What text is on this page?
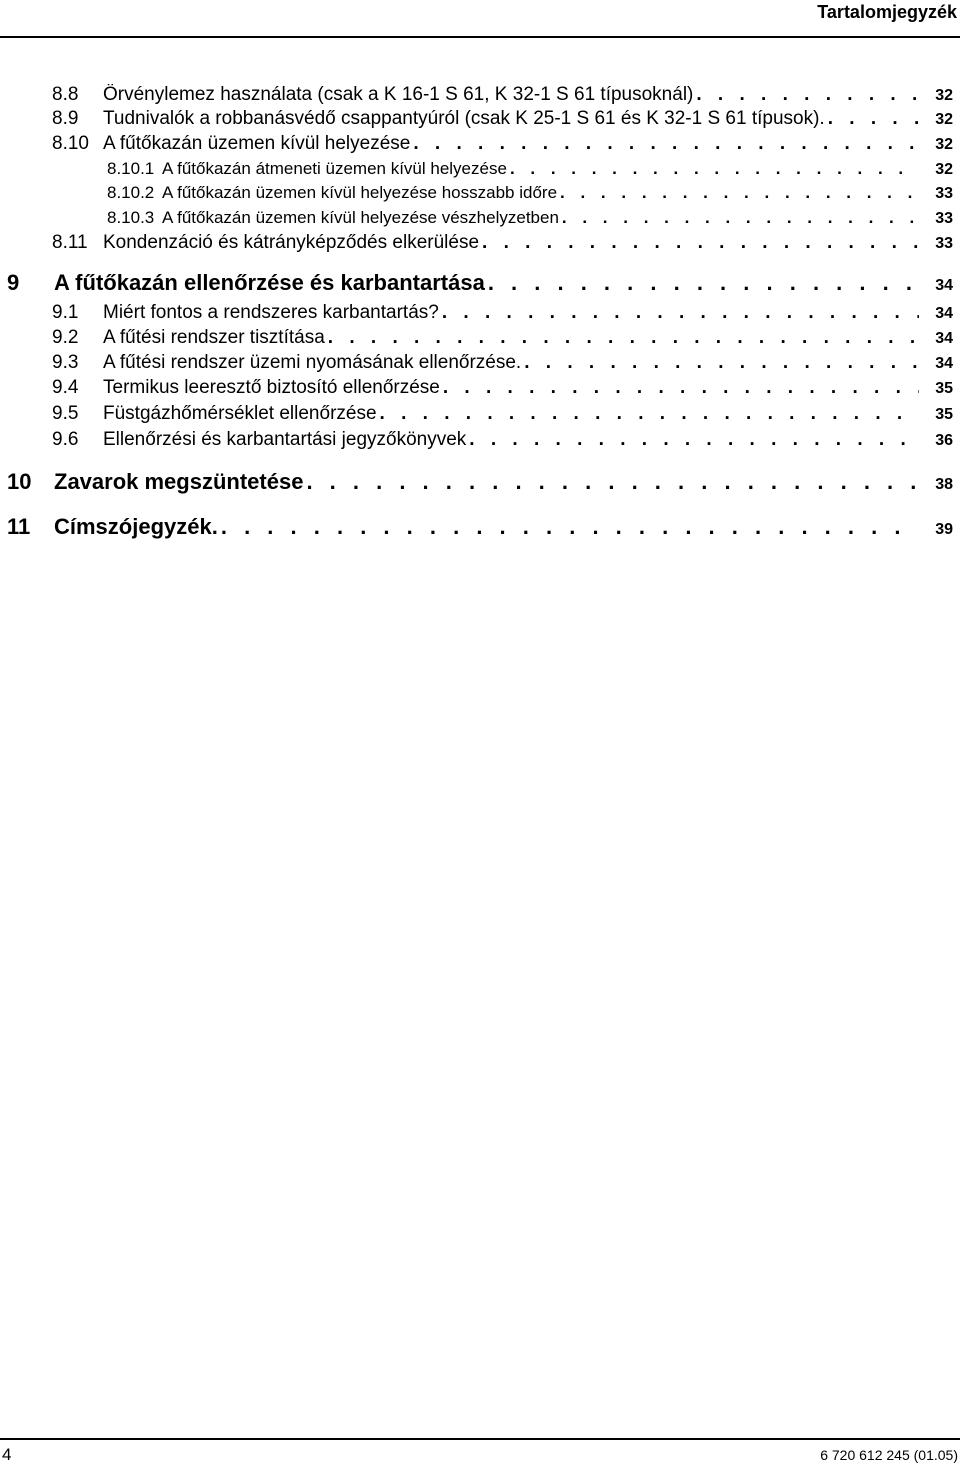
Tartalomjegyzék
8.8	Örvénylemez használata (csak a K 16-1 S 61, K 32-1 S 61 típusoknál) . . .	32
8.9	Tudnivalók a robbanásvédő csappantyúról (csak K 25-1 S 61 és K 32-1 S 61 típusok). . . .	32
8.10 A fűtőkazán üzemen kívül helyezése . . .	32
8.10.1 A fűtőkazán átmeneti üzemen kívül helyezése . . .	32
8.10.2 A fűtőkazán üzemen kívül helyezése hosszabb időre . . .	33
8.10.3 A fűtőkazán üzemen kívül helyezése vészhelyzetben . . .	33
8.11 Kondenzáció és kátrányképződés elkerülése . . .	33
9	A fűtőkazán ellenőrzése és karbantartása . . .	34
9.1	Miért fontos a rendszeres karbantartás? . . .	34
9.2	A fűtési rendszer tisztítása . . .	34
9.3	A fűtési rendszer üzemi nyomásának ellenőrzése. . . .	34
9.4	Termikus leeresztő biztosító ellenőrzése . . .	35
9.5	Füstgázhőmérséklet ellenőrzése . . .	35
9.6	Ellenőrzési és karbantartási jegyzőkönyvek . . .	36
10	Zavarok megszüntetése . . .	38
11	Címszójegyzék. . . .	39
4	6 720 612 245 (01.05)
